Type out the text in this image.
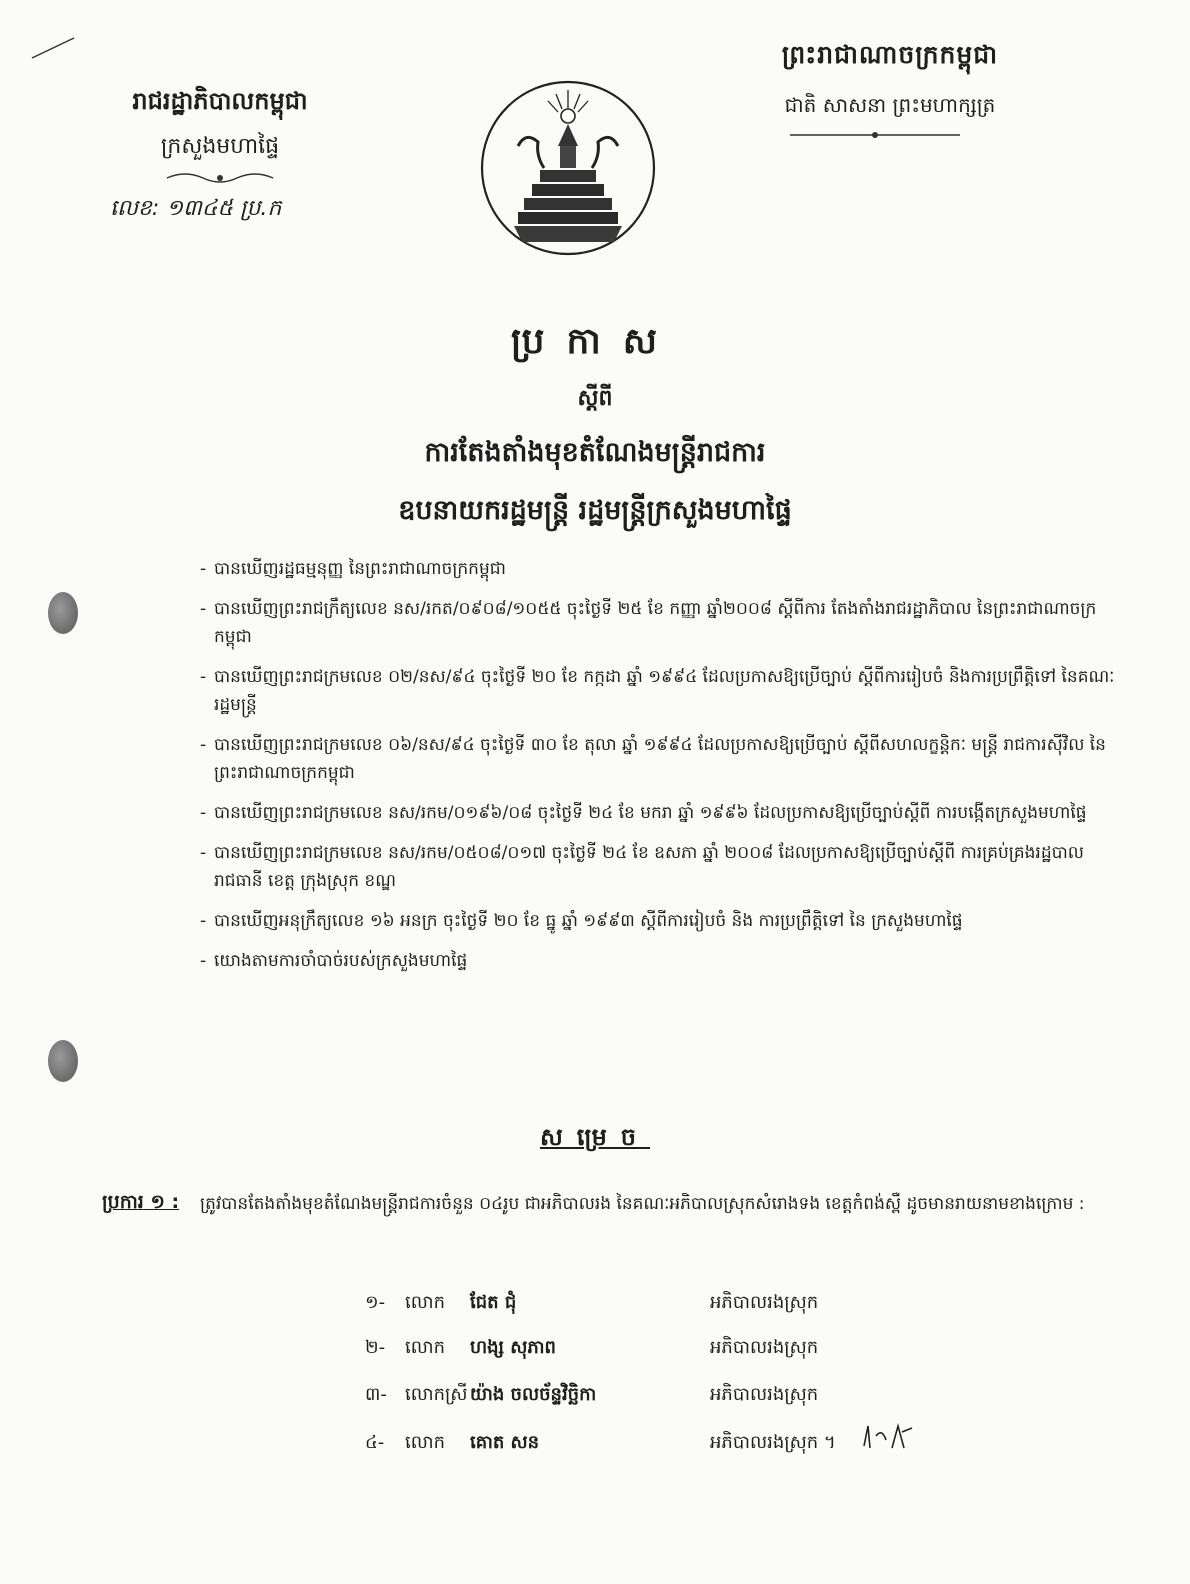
ព្រះរាជាណាចក្រកម្ពុជា
ជាតិ សាសនា ព្រះមហាក្សត្រ
រាជរដ្ឋាភិបាលកម្ពុជា
ក្រសួងមហាផ្ទៃ
លេខ: ១៣៤៥ ប្រ.ក
ប្រកាស
ស្តីពី
ការតែងតាំងមុខតំណែងមន្ត្រីរាជការ
ឧបនាយករដ្ឋមន្ត្រី រដ្ឋមន្ត្រីក្រសួងមហាផ្ទៃ
- បានឃើញរដ្ឋធម្មនុញ្ញ នៃព្រះរាជាណាចក្រកម្ពុជា
- បានឃើញព្រះរាជក្រឹត្យលេខ នស/រកត/០៩០៨/១០៥៥ ចុះថ្ងៃទី ២៥ ខែ កញ្ញា ឆ្នាំ២០០៨ ស្តីពីការ តែងតាំងរាជរដ្ឋាភិបាល នៃព្រះរាជាណាចក្រកម្ពុជា
- បានឃើញព្រះរាជក្រមលេខ ០២/នស/៩៤ ចុះថ្ងៃទី ២០ ខែ កក្កដា ឆ្នាំ ១៩៩៤ ដែលប្រកាសឱ្យប្រើច្បាប់ ស្តីពីការរៀបចំ និងការប្រព្រឹត្តិទៅ នៃគណៈរដ្ឋមន្ត្រី
- បានឃើញព្រះរាជក្រមលេខ ០៦/នស/៩៤ ចុះថ្ងៃទី ៣០ ខែ តុលា ឆ្នាំ ១៩៩៤ ដែលប្រកាសឱ្យប្រើច្បាប់ ស្តីពីសហលក្ខន្តិកៈ មន្ត្រី រាជការស៊ីវិល នៃព្រះរាជាណាចក្រកម្ពុជា
- បានឃើញព្រះរាជក្រមលេខ នស/រកម/០១៩៦/០៨ ចុះថ្ងៃទី ២៤ ខែ មករា ឆ្នាំ ១៩៩៦ ដែលប្រកាសឱ្យប្រើច្បាប់ស្តីពី ការបង្កើតក្រសួងមហាផ្ទៃ
- បានឃើញព្រះរាជក្រមលេខ នស/រកម/០៥០៨/០១៧ ចុះថ្ងៃទី ២៤ ខែ ឧសភា ឆ្នាំ ២០០៨ ដែលប្រកាសឱ្យប្រើច្បាប់ស្តីពី ការគ្រប់គ្រងរដ្ឋបាលរាជធានី ខេត្ត ក្រុងស្រុក ខណ្ឌ
- បានឃើញអនុក្រឹត្យលេខ ១៦ អនក្រ ចុះថ្ងៃទី ២០ ខែ ធ្នូ ឆ្នាំ ១៩៩៣ ស្តីពីការរៀបចំ និង ការប្រព្រឹត្តិទៅ នៃ ក្រសួងមហាផ្ទៃ
- យោងតាមការចាំបាច់របស់ក្រសួងមហាផ្ទៃ
សម្រេច
ប្រការ ១ : ត្រូវបានតែងតាំងមុខតំណែងមន្ត្រីរាជការចំនួន ០៤រូប ជាអភិបាលរង នៃគណៈអភិបាលស្រុកសំរោងទង ខេត្តកំពង់ស្ពឺ ដូចមានរាយនាមខាងក្រោម :
១-	លោក	ជែត ជុំ	អភិបាលរងស្រុក
២-	លោក	ហង្ស សុភាព	អភិបាលរងស្រុក
៣-	លោកស្រី យ៉ាង ចលច័ន្ទវិច្ឆិកា	អភិបាលរងស្រុក
៤-	លោក	គោត សន	អភិបាលរងស្រុក ។
